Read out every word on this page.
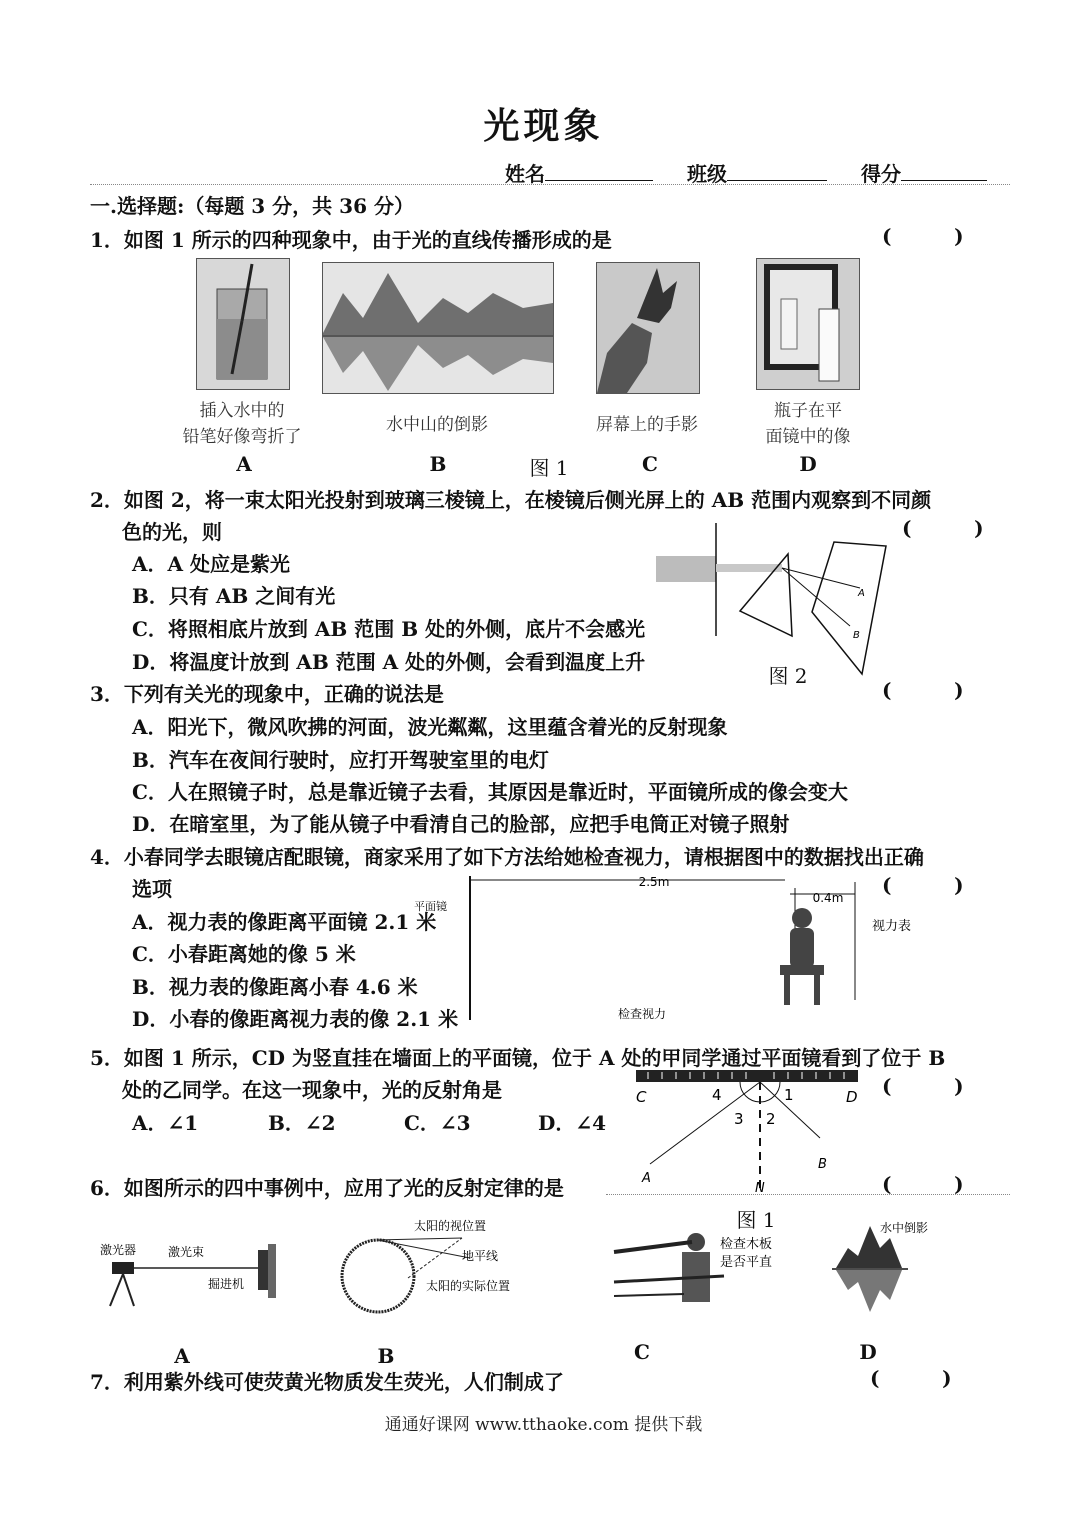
光现象
姓名	班级	得分
一.选择题:（每题 3 分，共 36 分）
1．如图 1 所示的四种现象中，由于光的直线传播形成的是	(         )
插入水中的
铅笔好像弯折了
水中山的倒影	屏幕上的手影
瓶子在平
面镜中的像
A	B	图 1	C	D
2．如图 2，将一束太阳光投射到玻璃三棱镜上，在棱镜后侧光屏上的 AB 范围内观察到不同颜
色的光，则	(         )
A．A 处应是紫光
B．只有 AB 之间有光
C．将照相底片放到 AB 范围 B 处的外侧，底片不会感光
D．将温度计放到 AB 范围 A 处的外侧，会看到温度上升
A
B
图 2
3．下列有关光的现象中，正确的说法是	(         )
A．阳光下，微风吹拂的河面，波光粼粼，这里蕴含着光的反射现象
B．汽车在夜间行驶时，应打开驾驶室里的电灯
C．人在照镜子时，总是靠近镜子去看，其原因是靠近时，平面镜所成的像会变大
D．在暗室里，为了能从镜子中看清自己的脸部，应把手电筒正对镜子照射
4．小春同学去眼镜店配眼镜，商家采用了如下方法给她检查视力，请根据图中的数据找出正确
选项	(         )
A．视力表的像距离平面镜 2.1 米
C．小春距离她的像 5 米
B．视力表的像距离小春 4.6 米
D．小春的像距离视力表的像 2.1 米
2.5m
0.4m
平面镜
视力表
检查视力
5．如图 1 所示，CD 为竖直挂在墙面上的平面镜，位于 A 处的甲同学通过平面镜看到了位于 B
处的乙同学。在这一现象中，光的反射角是	(         )
A．∠1	B．∠2	C．∠3	D．∠4
C	D
4	1
3 2
A
B
N
图 1
6．如图所示的四中事例中，应用了光的反射定律的是	(         )
激光器	激光束
掘进机
太阳的视位置
地平线
太阳的实际位置
检查木板
是否平直
水中倒影
A	B	C	D
7．利用紫外线可使荧黄光物质发生荧光，人们制成了	(         )
通通好课网 www.tthaoke.com 提供下载
